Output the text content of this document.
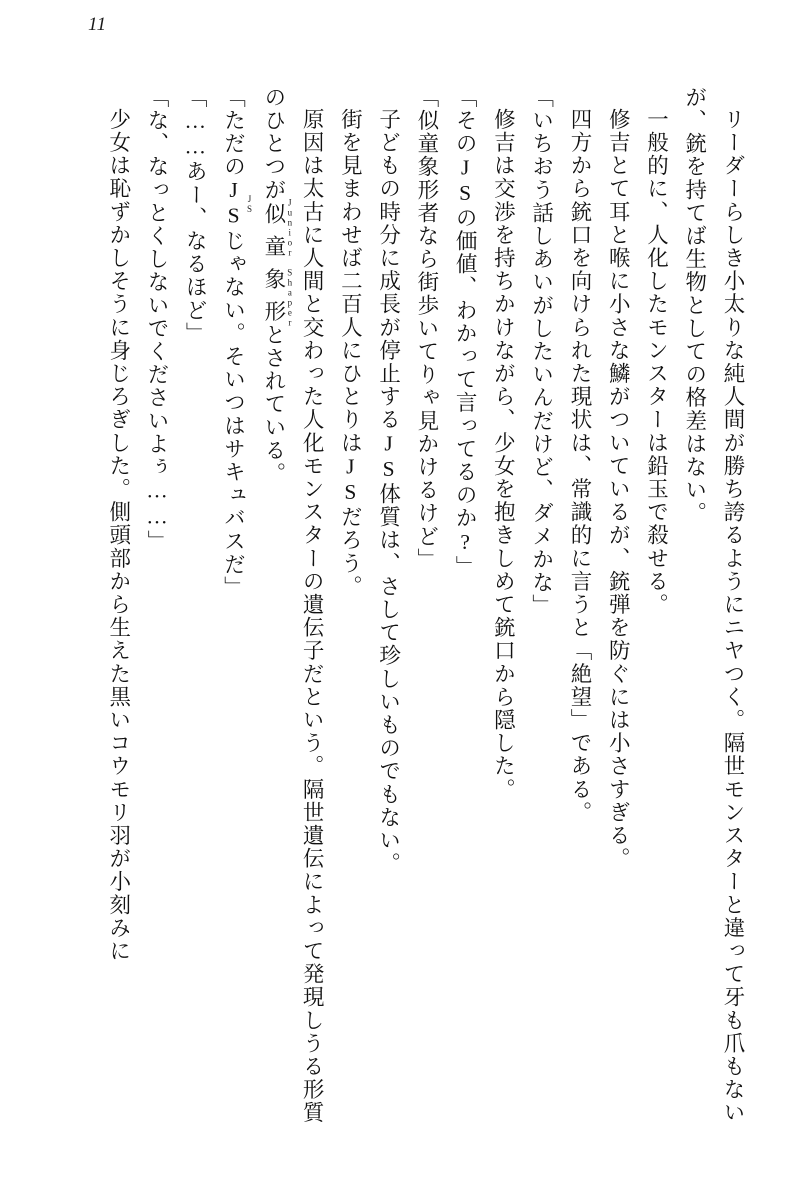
11

リーダーらしき小太りな純人間が勝ち誇るようにニヤつく。隔世モンスターと違って牙も爪もないが、銃を持てば生物としての格差はない。

一般的に、人化したモンスターは鉛玉で殺せる。

修吉とて耳と喉に小さな鱗がついているが、銃弾を防ぐには小さすぎる。

四方から銃口を向けられた現状は、常識的に言うと「絶望」である。

「いちおう話しあいがしたいんだけど、ダメかな」

修吉は交渉を持ちかけながら、少女を抱きしめて銃口から隠した。

「そのJSの価値、わかって言ってるのか?」

「似童象形者なら街歩いてりゃ見かけるけど」

子どもの時分に成長が停止するJS体質は、さして珍しいものでもない。

街を見まわせば二百人にひとりはJSだろう。

原因は太古に人間と交わった人化モンスターの遺伝子だという。隔世遺伝によって発現しうる形質のひとつが似童象形 Junior Shaperとされている。

「ただのJS JSじゃない。そいつはサキュバスだ」

「……あー、なるほど」

「な、なっとくしないでくださいよぅ……」

少女は恥ずかしそうに身じろぎした。側頭部から生えた黒いコウモリ羽が小刻みに
